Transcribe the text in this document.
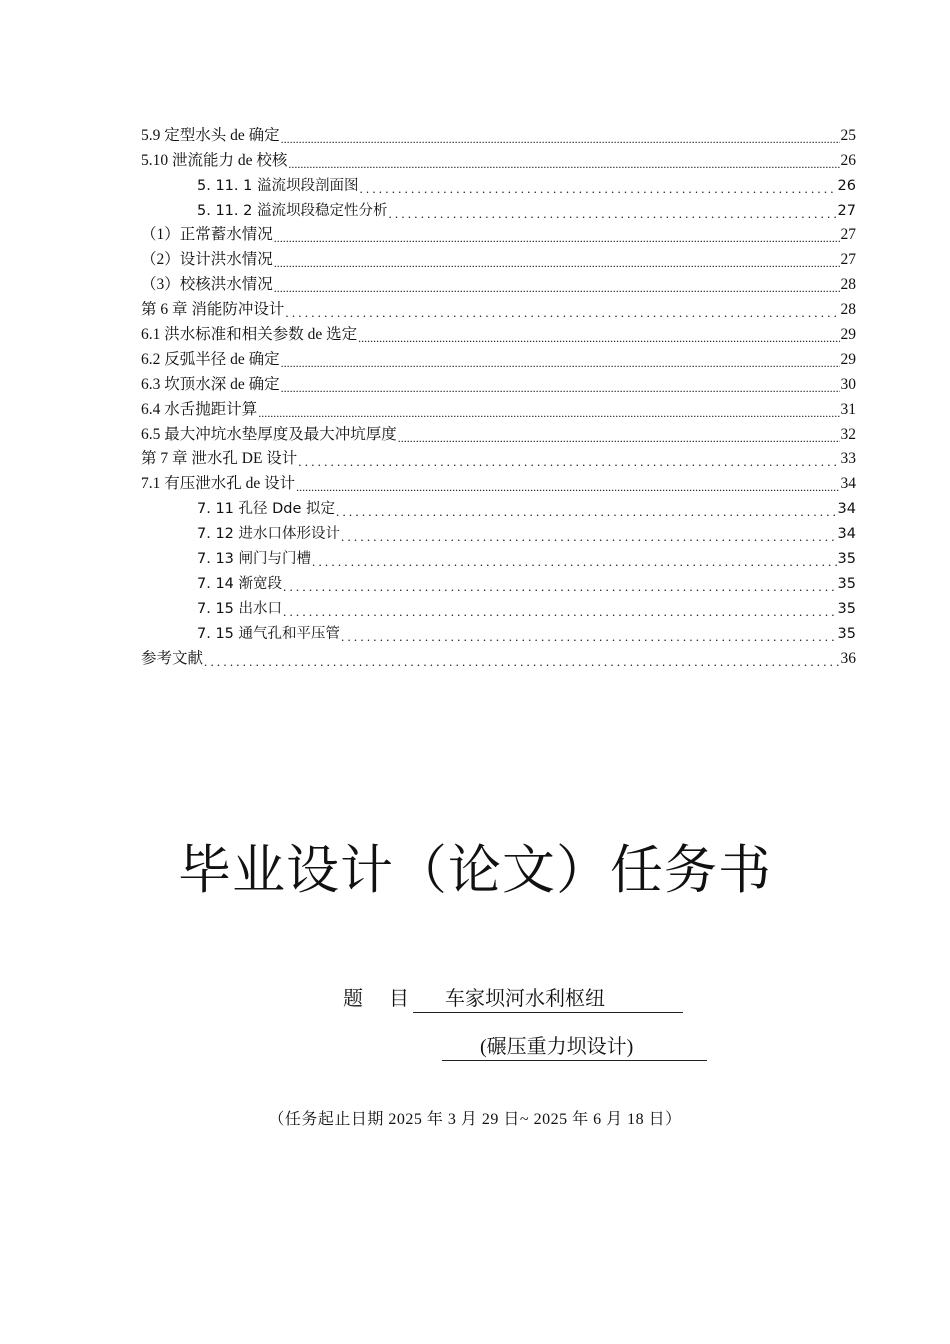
5.9 定型水头 de 确定 .....	25
5.10 泄流能力 de 校核 .....	26
5. 11. 1 溢流坝段剖面图 .....	26
5. 11. 2 溢流坝段稳定性分析 .....	27
（1）正常蓄水情况 .....	27
（2）设计洪水情况 .....	27
（3）校核洪水情况 .....	28
第 6 章 消能防冲设计 .....	28
6.1 洪水标准和相关参数 de 选定 .....	29
6.2 反弧半径 de 确定 .....	29
6.3 坎顶水深 de 确定 .....	30
6.4 水舌抛距计算 .....	31
6.5 最大冲坑水垫厚度及最大冲坑厚度 .....	32
第 7 章 泄水孔 DE 设计 .....	33
7.1 有压泄水孔 de 设计 .....	34
7. 11 孔径 Dde 拟定 .....	34
7. 12 进水口体形设计 .....	34
7. 13 闸门与门槽 .....	35
7. 14 渐宽段 .....	35
7. 15 出水口 .....	35
7. 15 通气孔和平压管 .....	35
参考文献 .....	36
毕业设计（论文）任务书
题 目	车家坝河水利枢纽
(碾压重力坝设计)
（任务起止日期 2025 年 3 月 29 日~ 2025 年 6 月 18 日）
